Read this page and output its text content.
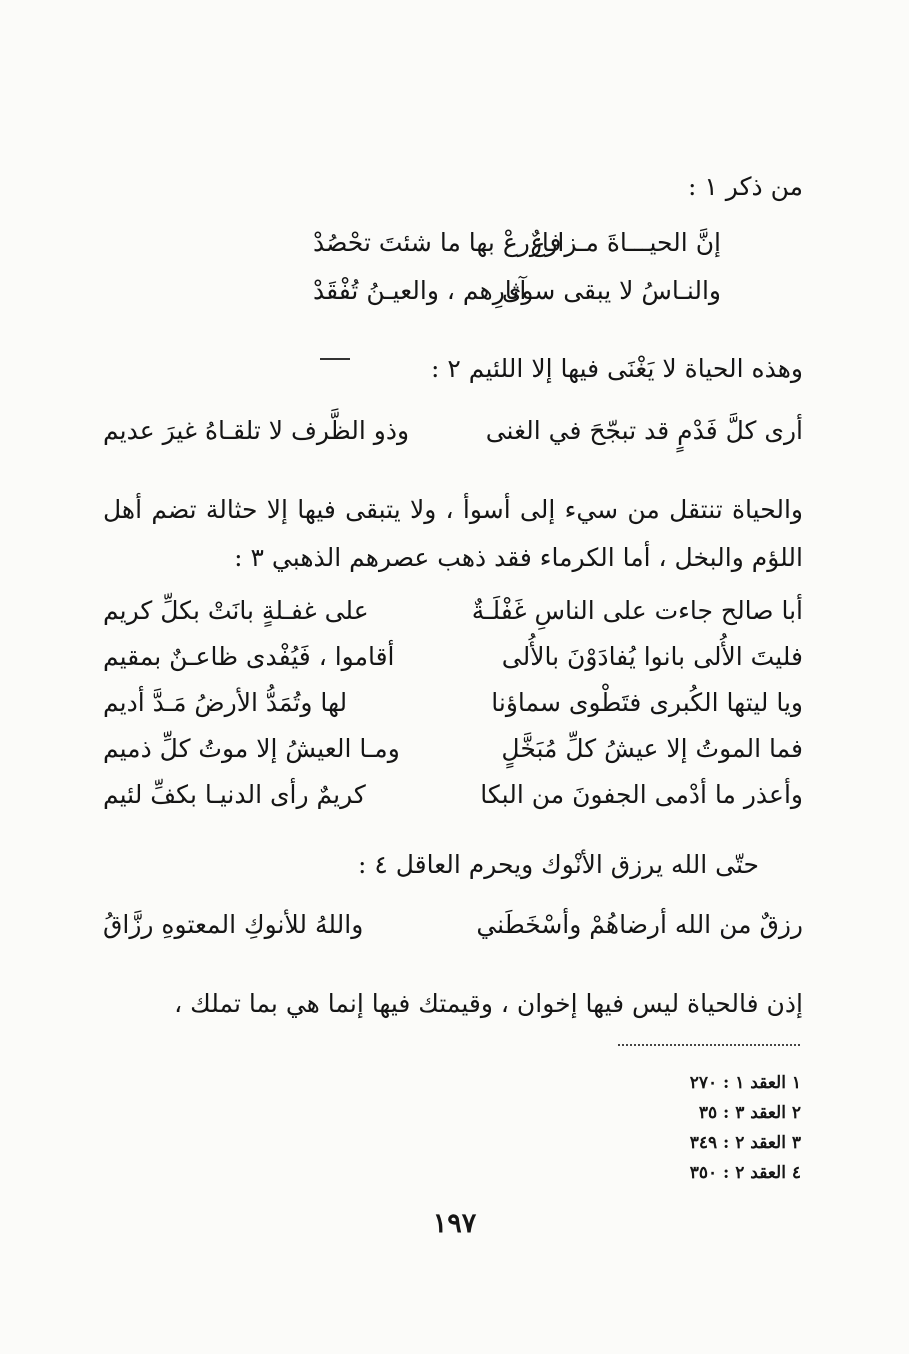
من ذكر ١ :
إنَّ الحيـــاةَ مـزارعٌ
فازرعْ بها ما شئتَ تحْصُدْ
والنـاسُ لا يبقى سوى
آثارِهم ، والعيـنُ تُفْقَدْ
وهذه الحياة لا يَغْنَى فيها إلا اللئيم ٢ :
أرى كلَّ فَدْمٍ قد تبجّحَ في الغنى
وذو الظَّرف لا تلقـاهُ غيرَ عديم
والحياة تنتقل من سيء إلى أسوأ ، ولا يتبقى فيها إلا حثالة تضم أهل اللؤم والبخل ، أما الكرماء فقد ذهب عصرهم الذهبي ٣ :
أبا صالح جاءت على الناسِ غَفْلَـةٌ
على غفـلةٍ بانَتْ بكلِّ كريم
فليتَ الأُلى بانوا يُفادَوْنَ بالأُلى
أقاموا ، فَيُفْدى ظاعـنٌ بمقيم
ويا ليتها الكُبرى فتَطْوى سماؤنا
لها وتُمَدُّ الأرضُ مَـدَّ أديم
فما الموتُ إلا عيشُ كلِّ مُبَخَّلٍ
ومـا العيشُ إلا موتُ كلِّ ذميم
وأعذر ما أدْمى الجفونَ من البكا
كريمٌ رأى الدنيـا بكفِّ لئيم
حتّى الله يرزق الأنْوك ويحرم العاقل ٤ :
رزقٌ من الله أرضاهُمْ وأسْخَطَني
واللهُ للأنوكِ المعتوهِ رزَّاقُ
إذن فالحياة ليس فيها إخوان ، وقيمتك فيها إنما هي بما تملك ،
١ العقد ١ : ٢٧٠
٢ العقد ٣ : ٣٥
٣ العقد ٢ : ٣٤٩
٤ العقد ٢ : ٣٥٠
١٩٧
